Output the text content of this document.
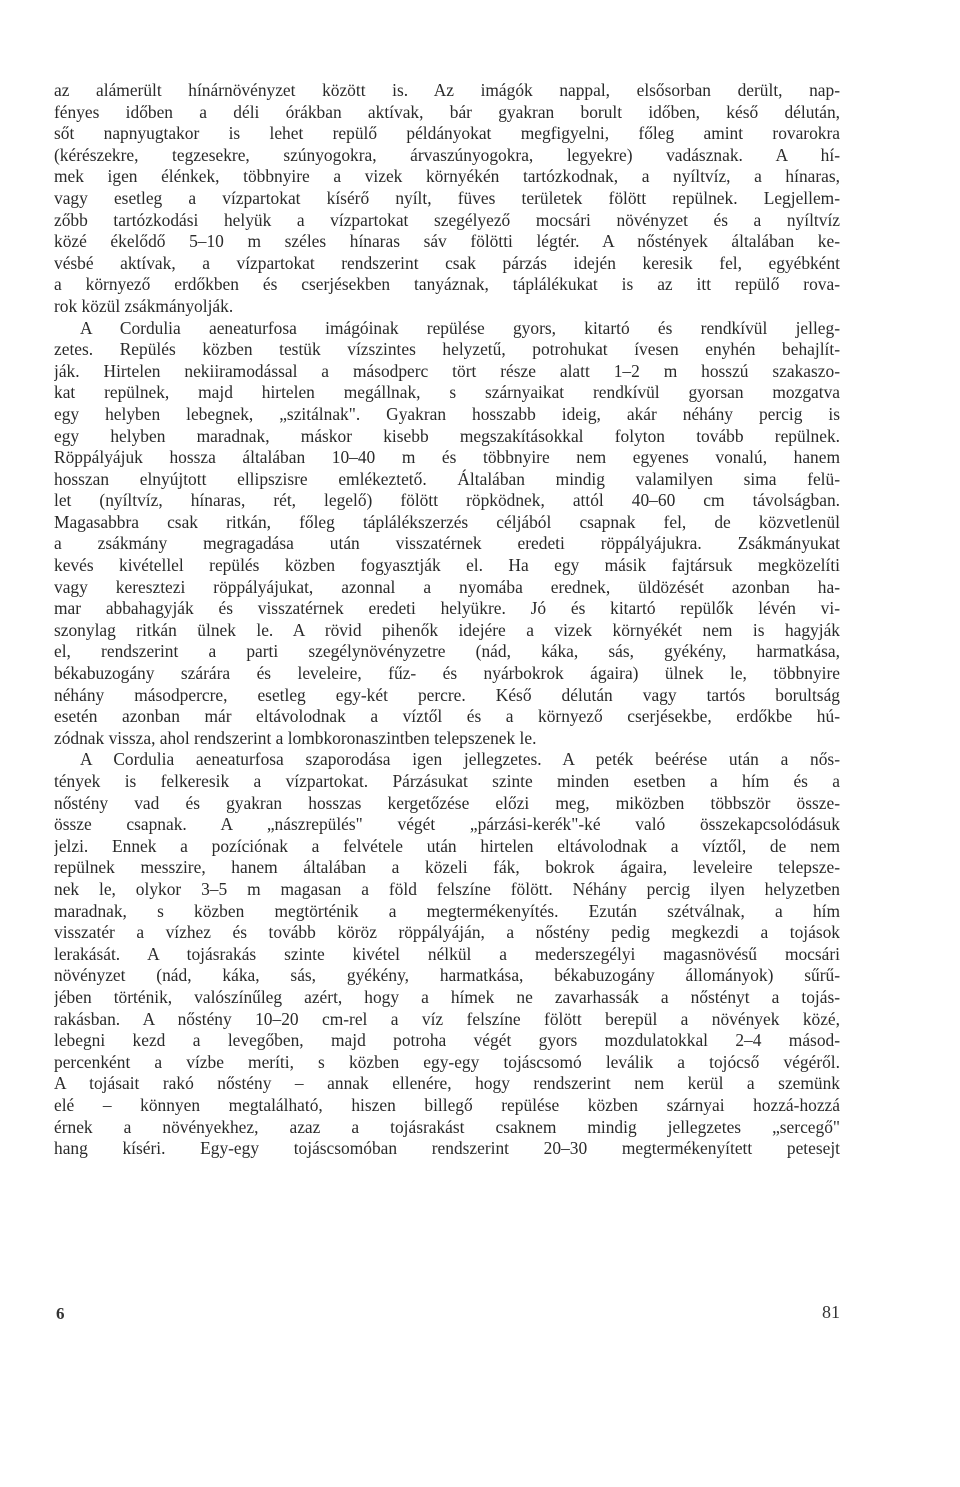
az alámerült hínárnövényzet között is. Az imágók nappal, elsősorban derült, nap-
fényes időben a déli órákban aktívak, bár gyakran borult időben, késő délután,
sőt napnyugtakor is lehet repülő példányokat megfigyelni, főleg amint rovarokra
(kérészekre, tegzesekre, szúnyogokra, árvaszúnyogokra, legyekre) vadásznak. A hí-
mek igen élénkek, többnyire a vizek környékén tartózkodnak, a nyíltvíz, a hínaras,
vagy esetleg a vízpartokat kísérő nyílt, füves területek fölött repülnek. Legjellem-
zőbb tartózkodási helyük a vízpartokat szegélyező mocsári növényzet és a nyíltvíz
közé ékelődő 5–10 m széles hínaras sáv fölötti légtér. A nőstények általában ke-
vésbé aktívak, a vízpartokat rendszerint csak párzás idején keresik fel, egyébként
a környező erdőkben és cserjésekben tanyáznak, táplálékukat is az itt repülő rova-
rok közül zsákmányolják.
A Cordulia aeneaturfosa imágóinak repülése gyors, kitartó és rendkívül jelleg-
zetes. Repülés közben testük vízszintes helyzetű, potrohukat ívesen enyhén behajlít-
ják. Hirtelen nekiiramodással a másodperc tört része alatt 1–2 m hosszú szakaszo-
kat repülnek, majd hirtelen megállnak, s szárnyaikat rendkívül gyorsan mozgatva
egy helyben lebegnek, „szitálnak". Gyakran hosszabb ideig, akár néhány percig is
egy helyben maradnak, máskor kisebb megszakításokkal folyton tovább repülnek.
Röppályájuk hossza általában 10–40 m és többnyire nem egyenes vonalú, hanem
hosszan elnyújtott ellipszisre emlékeztető. Általában mindig valamilyen sima felü-
let (nyíltvíz, hínaras, rét, legelő) fölött röpködnek, attól 40–60 cm távolságban.
Magasabbra csak ritkán, főleg táplálékszerzés céljából csapnak fel, de közvetlenül
a zsákmány megragadása után visszatérnek eredeti röppályájukra. Zsákmányukat
kevés kivétellel repülés közben fogyasztják el. Ha egy másik fajtársuk megközelíti
vagy keresztezi röppályájukat, azonnal a nyomába erednek, üldözését azonban ha-
mar abbahagyják és visszatérnek eredeti helyükre. Jó és kitartó repülők lévén vi-
szonylag ritkán ülnek le. A rövid pihenők idejére a vizek környékét nem is hagyják
el, rendszerint a parti szegélynövényzetre (nád, káka, sás, gyékény, harmatkása,
békabuzogány szárára és leveleire, fűz- és nyárbokrok ágaira) ülnek le, többnyire
néhány másodpercre, esetleg egy-két percre. Késő délután vagy tartós borultság
esetén azonban már eltávolodnak a víztől és a környező cserjésekbe, erdőkbe hú-
zódnak vissza, ahol rendszerint a lombkoronaszintben telepszenek le.
A Cordulia aeneaturfosa szaporodása igen jellegzetes. A peték beérése után a nős-
tények is felkeresik a vízpartokat. Párzásukat szinte minden esetben a hím és a
nőstény vad és gyakran hosszas kergetőzése előzi meg, miközben többször össze-
össze csapnak. A „nászrepülés" végét „párzási-kerék"-ké való összekapcsolódásuk
jelzi. Ennek a pozíciónak a felvétele után hirtelen eltávolodnak a víztől, de nem
repülnek messzire, hanem általában a közeli fák, bokrok ágaira, leveleire telepsze-
nek le, olykor 3–5 m magasan a föld felszíne fölött. Néhány percig ilyen helyzetben
maradnak, s közben megtörténik a megtermékenyítés. Ezután szétválnak, a hím
visszatér a vízhez és tovább köröz röppályáján, a nőstény pedig megkezdi a tojások
lerakását. A tojásrakás szinte kivétel nélkül a mederszegélyi magasnövésű mocsári
növényzet (nád, káka, sás, gyékény, harmatkása, békabuzogány állományok) sűrű-
jében történik, valószínűleg azért, hogy a hímek ne zavarhassák a nőstényt a tojás-
rakásban. A nőstény 10–20 cm-rel a víz felszíne fölött berepül a növények közé,
lebegni kezd a levegőben, majd potroha végét gyors mozdulatokkal 2–4 másod-
percenként a vízbe meríti, s közben egy-egy tojáscsomó leválik a tojócső végéről.
A tojásait rakó nőstény – annak ellenére, hogy rendszerint nem kerül a szemünk
elé – könnyen megtalálható, hiszen billegő repülése közben szárnyai hozzá-hozzá
érnek a növényekhez, azaz a tojásrakást csaknem mindig jellegzetes „sercegő"
hang kíséri. Egy-egy tojáscsomóban rendszerint 20–30 megtermékenyített petesejt
6	81
